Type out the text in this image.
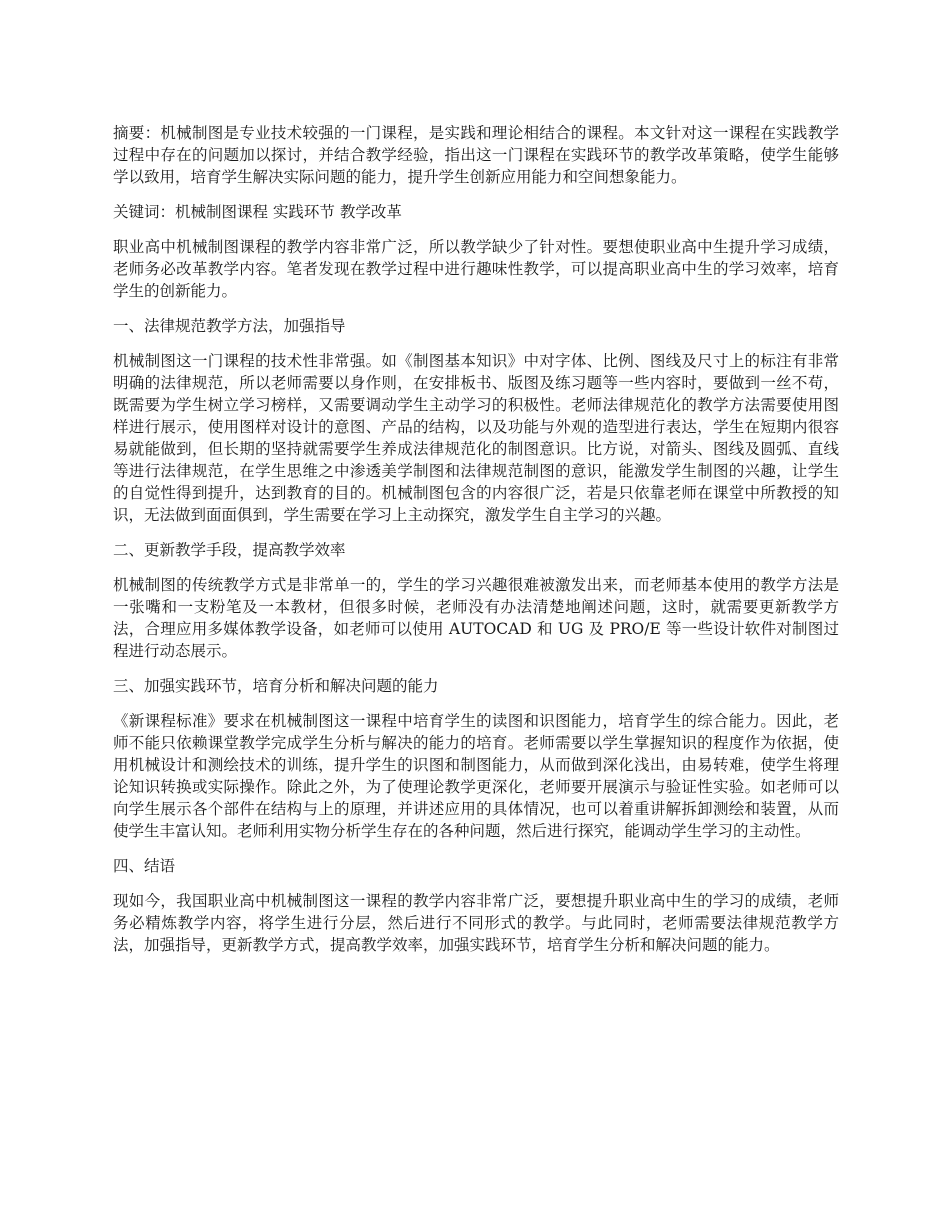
摘要：机械制图是专业技术较强的一门课程，是实践和理论相结合的课程。本文针对这一课程在实践教学过程中存在的问题加以探讨，并结合教学经验，指出这一门课程在实践环节的教学改革策略，使学生能够学以致用，培育学生解决实际问题的能力，提升学生创新应用能力和空间想象能力。

关键词：机械制图课程 实践环节 教学改革

职业高中机械制图课程的教学内容非常广泛，所以教学缺少了针对性。要想使职业高中生提升学习成绩，老师务必改革教学内容。笔者发现在教学过程中进行趣味性教学，可以提高职业高中生的学习效率，培育学生的创新能力。

一、法律规范教学方法，加强指导

机械制图这一门课程的技术性非常强。如《制图基本知识》中对字体、比例、图线及尺寸上的标注有非常明确的法律规范，所以老师需要以身作则，在安排板书、版图及练习题等一些内容时，要做到一丝不苟，既需要为学生树立学习榜样，又需要调动学生主动学习的积极性。老师法律规范化的教学方法需要使用图样进行展示，使用图样对设计的意图、产品的结构，以及功能与外观的造型进行表达，学生在短期内很容易就能做到，但长期的坚持就需要学生养成法律规范化的制图意识。比方说，对箭头、图线及圆弧、直线等进行法律规范，在学生思维之中渗透美学制图和法律规范制图的意识，能激发学生制图的兴趣，让学生的自觉性得到提升，达到教育的目的。机械制图包含的内容很广泛，若是只依靠老师在课堂中所教授的知识，无法做到面面俱到，学生需要在学习上主动探究，激发学生自主学习的兴趣。

二、更新教学手段，提高教学效率

机械制图的传统教学方式是非常单一的，学生的学习兴趣很难被激发出来，而老师基本使用的教学方法是一张嘴和一支粉笔及一本教材，但很多时候，老师没有办法清楚地阐述问题，这时，就需要更新教学方法，合理应用多媒体教学设备，如老师可以使用 AUTOCAD 和 UG 及 PRO/E 等一些设计软件对制图过程进行动态展示。

三、加强实践环节，培育分析和解决问题的能力

《新课程标准》要求在机械制图这一课程中培育学生的读图和识图能力，培育学生的综合能力。因此，老师不能只依赖课堂教学完成学生分析与解决的能力的培育。老师需要以学生掌握知识的程度作为依据，使用机械设计和测绘技术的训练，提升学生的识图和制图能力，从而做到深化浅出，由易转难，使学生将理论知识转换或实际操作。除此之外，为了使理论教学更深化，老师要开展演示与验证性实验。如老师可以向学生展示各个部件在结构与上的原理，并讲述应用的具体情况，也可以着重讲解拆卸测绘和装置，从而使学生丰富认知。老师利用实物分析学生存在的各种问题，然后进行探究，能调动学生学习的主动性。

四、结语

现如今，我国职业高中机械制图这一课程的教学内容非常广泛，要想提升职业高中生的学习的成绩，老师务必精炼教学内容，将学生进行分层，然后进行不同形式的教学。与此同时，老师需要法律规范教学方法，加强指导，更新教学方式，提高教学效率，加强实践环节，培育学生分析和解决问题的能力。
